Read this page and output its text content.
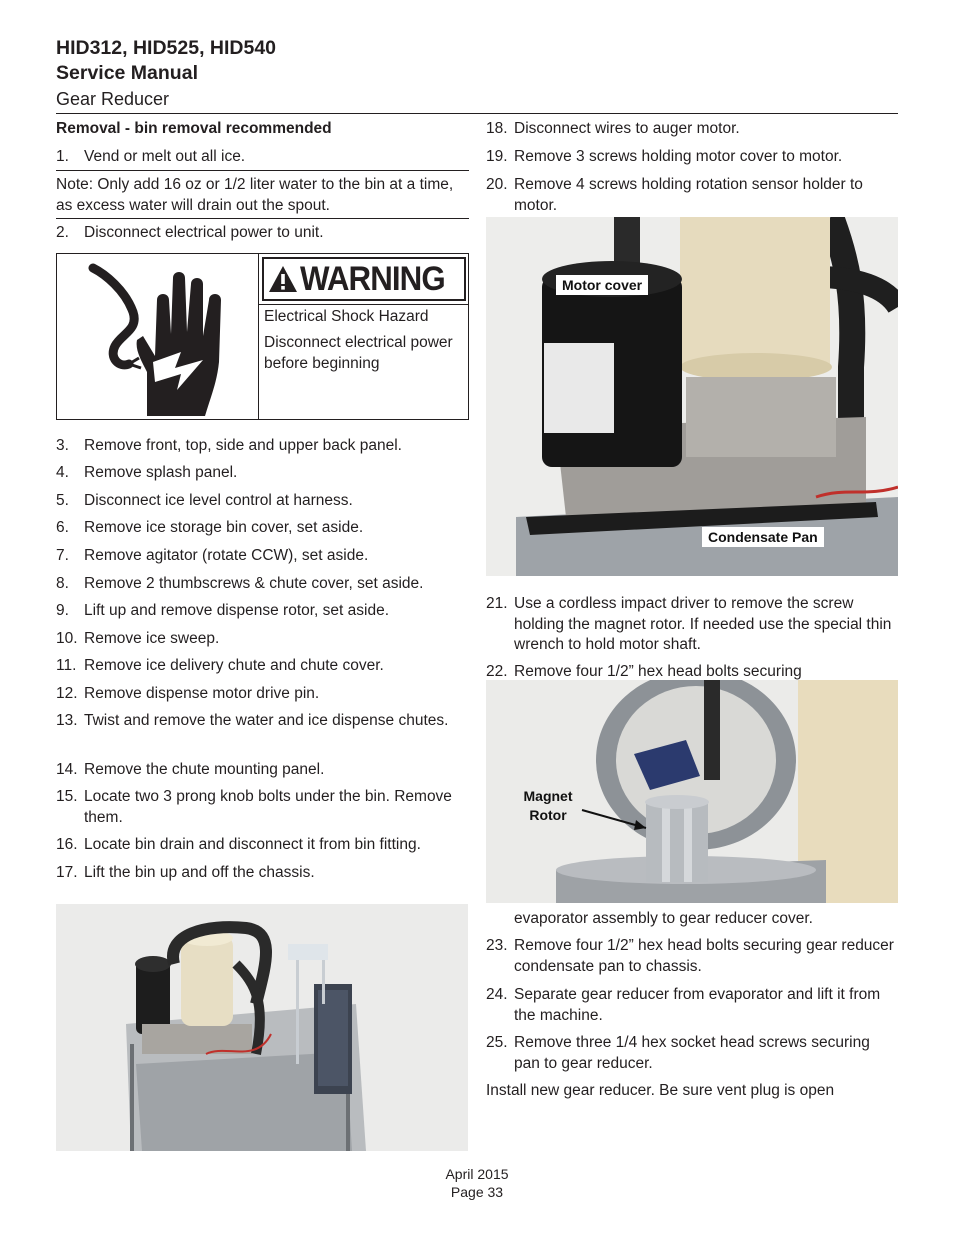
HID312, HID525, HID540
Service Manual
Gear Reducer
Removal - bin removal recommended
1. Vend or melt out all ice.
Note: Only add 16 oz or 1/2 liter water to the bin at a time, as excess water will drain out the spout.
2. Disconnect electrical power to unit.
WARNING
Electrical Shock Hazard
Disconnect electrical power before beginning
3. Remove front, top, side and upper back panel.
4. Remove splash panel.
5. Disconnect ice level control at harness.
6. Remove ice storage bin cover, set aside.
7. Remove agitator (rotate CCW), set aside.
8. Remove 2 thumbscrews & chute cover, set aside.
9. Lift up and remove dispense rotor, set aside.
10. Remove ice sweep.
11. Remove ice delivery chute and chute cover.
12. Remove dispense motor drive pin.
13. Twist and remove the water and ice dispense chutes.
14. Remove the chute mounting panel.
15. Locate two 3 prong knob bolts under the bin. Remove them.
16. Locate bin drain and disconnect it from bin fitting.
17. Lift the bin up and off the chassis.
18. Disconnect wires to auger motor.
19. Remove 3 screws holding motor cover to motor.
20. Remove 4 screws holding rotation sensor holder to motor.
Motor cover
Condensate Pan
21. Use a cordless impact driver to remove the screw holding the magnet rotor. If needed use the special thin wrench to hold motor shaft.
22. Remove four 1/2” hex head bolts securing
Magnet
Rotor
evaporator assembly to gear reducer cover.
23. Remove four 1/2” hex head bolts securing gear reducer condensate pan to chassis.
24. Separate gear reducer from evaporator and lift it from the machine.
25. Remove three 1/4 hex socket head screws securing pan to gear reducer.
Install new gear reducer. Be sure vent plug is open
April 2015
Page 33
